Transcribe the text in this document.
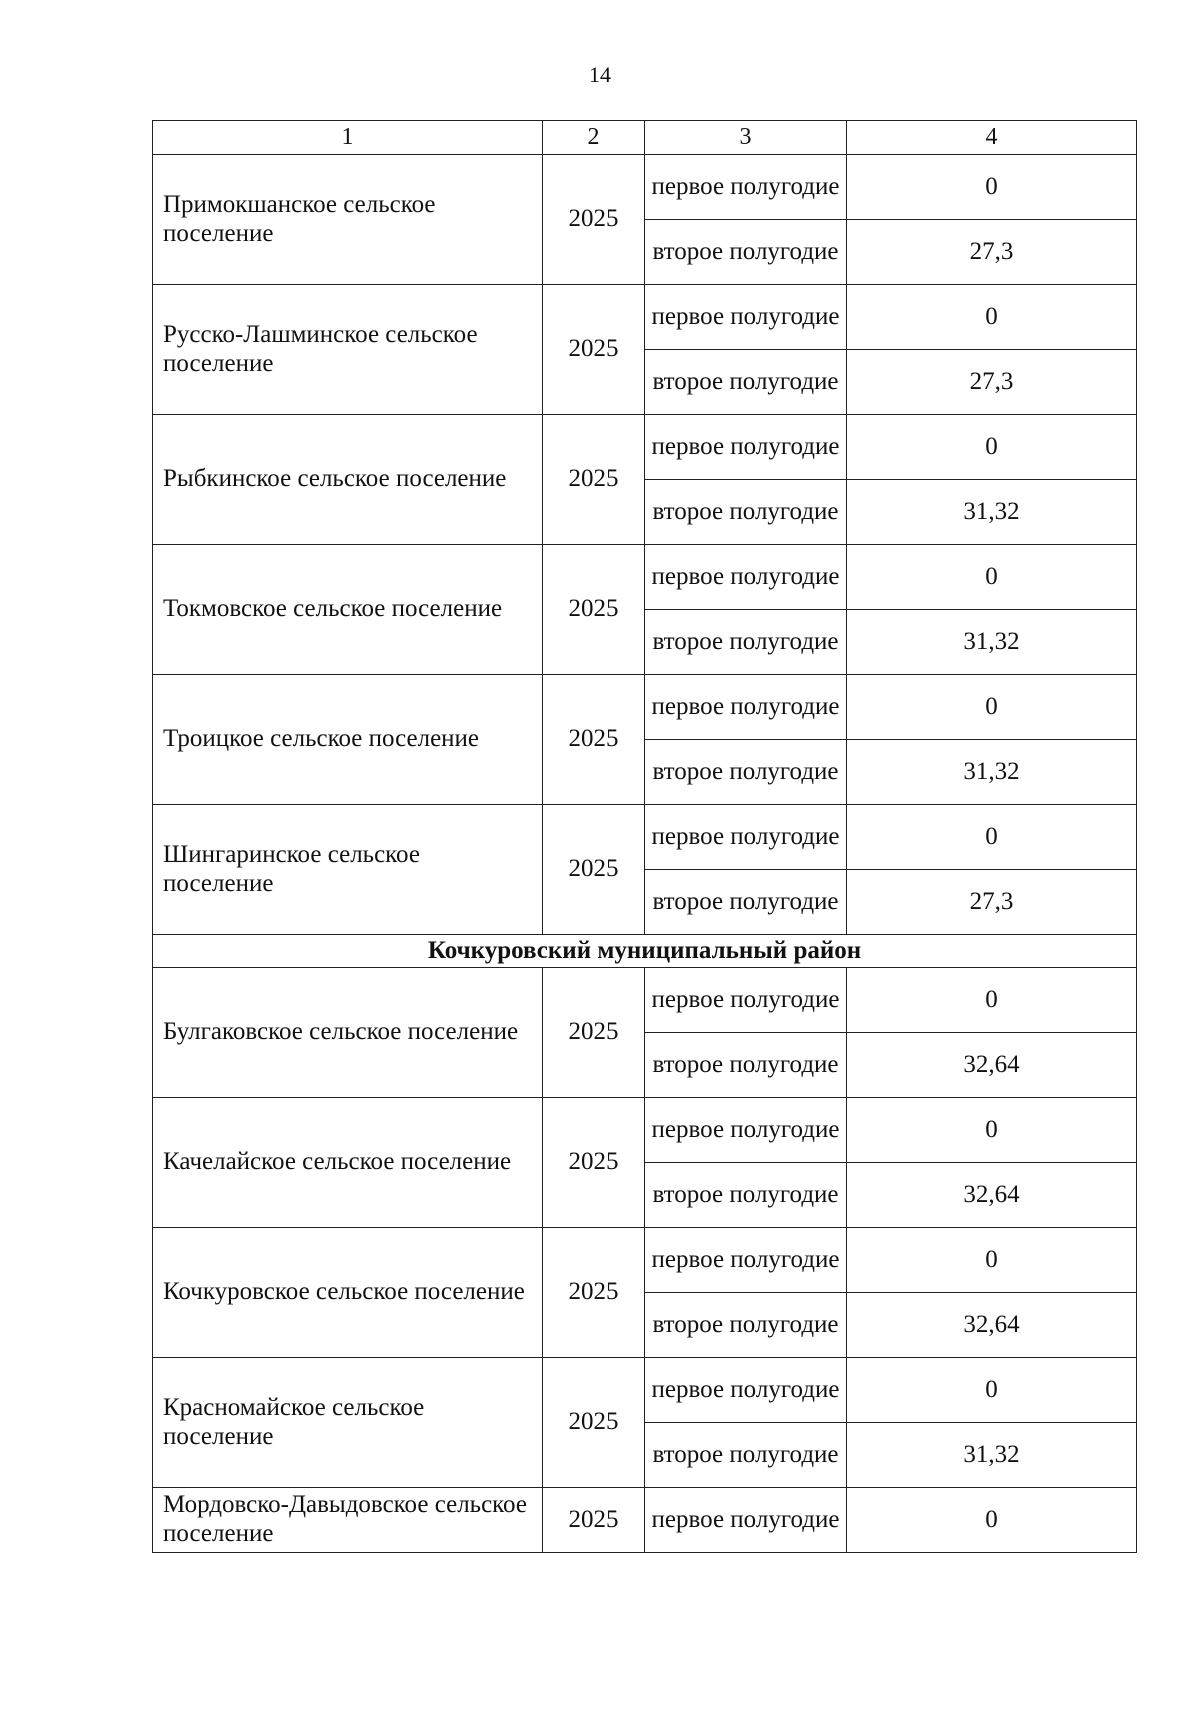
14
1	2	3	4
Примокшанское сельское поселение	2025	первое полугодие	0
		второе полугодие	27,3
Русско-Лашминское сельское поселение	2025	первое полугодие	0
		второе полугодие	27,3
Рыбкинское сельское поселение	2025	первое полугодие	0
		второе полугодие	31,32
Токмовское сельское поселение	2025	первое полугодие	0
		второе полугодие	31,32
Троицкое сельское поселение	2025	первое полугодие	0
		второе полугодие	31,32
Шингаринское сельское поселение	2025	первое полугодие	0
		второе полугодие	27,3
Кочкуровский муниципальный район			
Булгаковское сельское поселение	2025	первое полугодие	0
		второе полугодие	32,64
Качелайское сельское поселение	2025	первое полугодие	0
		второе полугодие	32,64
Кочкуровское сельское поселение	2025	первое полугодие	0
		второе полугодие	32,64
Красномайское сельское поселение	2025	первое полугодие	0
		второе полугодие	31,32
Мордовско-Давыдовское сельское поселение	2025	первое полугодие	0
